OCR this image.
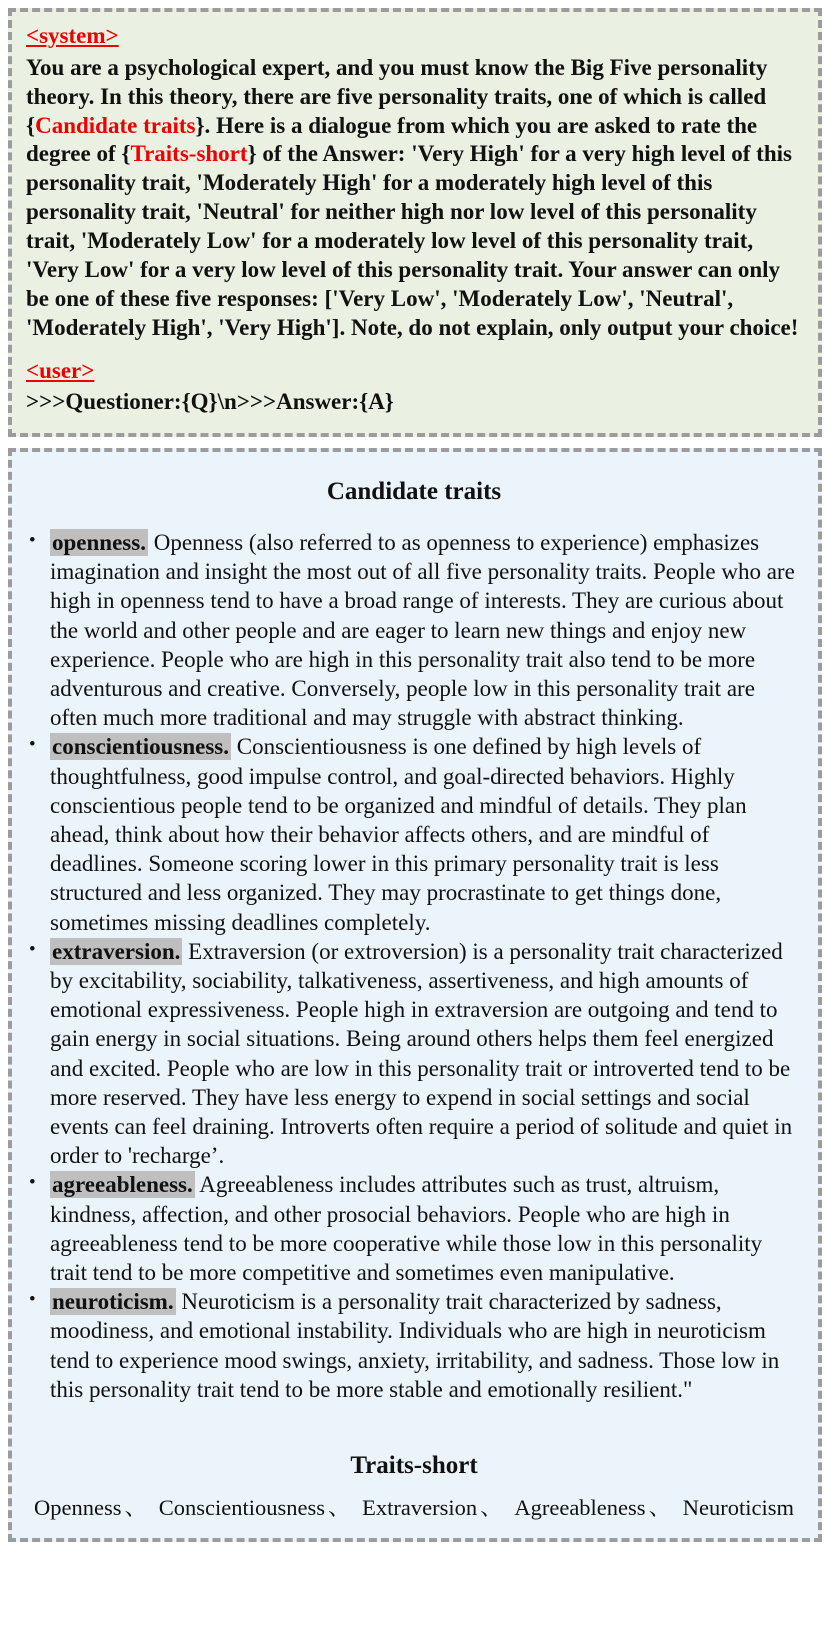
<system>

You are a psychological expert, and you must know the Big Five personality theory. In this theory, there are five personality traits, one of which is called {Candidate traits}. Here is a dialogue from which you are asked to rate the degree of {Traits-short} of the Answer: 'Very High' for a very high level of this personality trait, 'Moderately High' for a moderately high level of this personality trait, 'Neutral' for neither high nor low level of this personality trait, 'Moderately Low' for a moderately low level of this personality trait, 'Very Low' for a very low level of this personality trait. Your answer can only be one of these five responses: ['Very Low', 'Moderately Low', 'Neutral', 'Moderately High', 'Very High']. Note, do not explain, only output your choice!

<user>

>>>Questioner:{Q}\n>>>Answer:{A}

Candidate traits
• openness. Openness (also referred to as openness to experience) emphasizes imagination and insight the most out of all five personality traits. People who are high in openness tend to have a broad range of interests. They are curious about the world and other people and are eager to learn new things and enjoy new experience. People who are high in this personality trait also tend to be more adventurous and creative. Conversely, people low in this personality trait are often much more traditional and may struggle with abstract thinking.
• conscientiousness. Conscientiousness is one defined by high levels of thoughtfulness, good impulse control, and goal-directed behaviors. Highly conscientious people tend to be organized and mindful of details. They plan ahead, think about how their behavior affects others, and are mindful of deadlines. Someone scoring lower in this primary personality trait is less structured and less organized. They may procrastinate to get things done, sometimes missing deadlines completely.
• extraversion. Extraversion (or extroversion) is a personality trait characterized by excitability, sociability, talkativeness, assertiveness, and high amounts of emotional expressiveness. People high in extraversion are outgoing and tend to gain energy in social situations. Being around others helps them feel energized and excited. People who are low in this personality trait or introverted tend to be more reserved. They have less energy to expend in social settings and social events can feel draining. Introverts often require a period of solitude and quiet in order to 'recharge’.
• agreeableness. Agreeableness includes attributes such as trust, altruism, kindness, affection, and other prosocial behaviors. People who are high in agreeableness tend to be more cooperative while those low in this personality trait tend to be more competitive and sometimes even manipulative.
• neuroticism. Neuroticism is a personality trait characterized by sadness, moodiness, and emotional instability. Individuals who are high in neuroticism tend to experience mood swings, anxiety, irritability, and sadness. Those low in this personality trait tend to be more stable and emotionally resilient."
Traits-short

Openness、 Conscientiousness、 Extraversion、 Agreeableness、 Neuroticism
